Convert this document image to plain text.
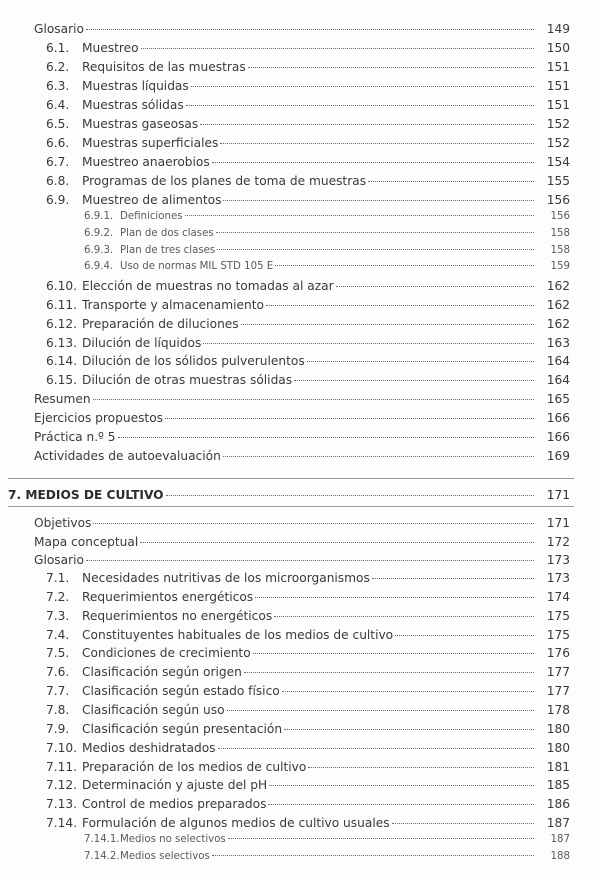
Glosario	149
6.1.	Muestreo	150
6.2.	Requisitos de las muestras	151
6.3.	Muestras líquidas	151
6.4.	Muestras sólidas	151
6.5.	Muestras gaseosas	152
6.6.	Muestras superficiales	152
6.7.	Muestreo anaerobios	154
6.8.	Programas de los planes de toma de muestras	155
6.9.	Muestreo de alimentos	156
6.9.1. Definiciones	156
6.9.2. Plan de dos clases	158
6.9.3. Plan de tres clases	158
6.9.4. Uso de normas MIL STD 105 E	159
6.10. Elección de muestras no tomadas al azar	162
6.11. Transporte y almacenamiento	162
6.12. Preparación de diluciones	162
6.13. Dilución de líquidos	163
6.14. Dilución de los sólidos pulverulentos	164
6.15. Dilución de otras muestras sólidas	164
Resumen	165
Ejercicios propuestos	166
Práctica n.º 5	166
Actividades de autoevaluación	169
7. MEDIOS DE CULTIVO	171
Objetivos	171
Mapa conceptual	172
Glosario	173
7.1.	Necesidades nutritivas de los microorganismos	173
7.2.	Requerimientos energéticos	174
7.3.	Requerimientos no energéticos	175
7.4.	Constituyentes habituales de los medios de cultivo	175
7.5.	Condiciones de crecimiento	176
7.6.	Clasificación según origen	177
7.7.	Clasificación según estado físico	177
7.8.	Clasificación según uso	178
7.9.	Clasificación según presentación	180
7.10. Medios deshidratados	180
7.11. Preparación de los medios de cultivo	181
7.12. Determinación y ajuste del pH	185
7.13. Control de medios preparados	186
7.14. Formulación de algunos medios de cultivo usuales	187
7.14.1. Medios no selectivos	187
7.14.2. Medios selectivos	188
